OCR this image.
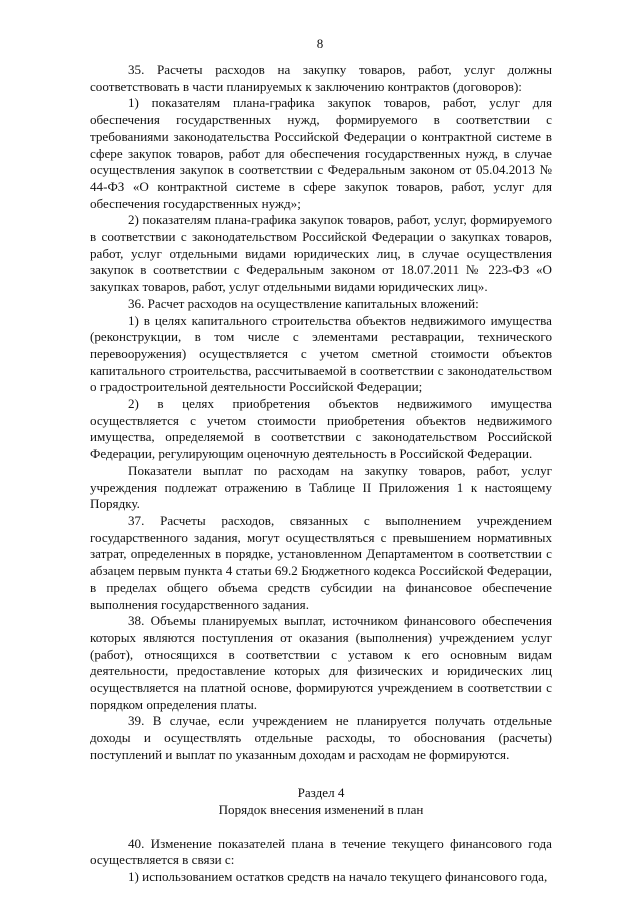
8

35. Расчеты расходов на закупку товаров, работ, услуг должны соответствовать в части планируемых к заключению контрактов (договоров):

1) показателям плана-графика закупок товаров, работ, услуг для обеспечения государственных нужд, формируемого в соответствии с требованиями законодательства Российской Федерации о контрактной системе в сфере закупок товаров, работ для обеспечения государственных нужд, в случае осуществления закупок в соответствии с Федеральным законом от 05.04.2013 № 44-ФЗ «О контрактной системе в сфере закупок товаров, работ, услуг для обеспечения государственных нужд»;

2) показателям плана-графика закупок товаров, работ, услуг, формируемого в соответствии с законодательством Российской Федерации о закупках товаров, работ, услуг отдельными видами юридических лиц, в случае осуществления закупок в соответствии с Федеральным законом от 18.07.2011 № 223-ФЗ «О закупках товаров, работ, услуг отдельными видами юридических лиц».

36. Расчет расходов на осуществление капитальных вложений:

1) в целях капитального строительства объектов недвижимого имущества (реконструкции, в том числе с элементами реставрации, технического перевооружения) осуществляется с учетом сметной стоимости объектов капитального строительства, рассчитываемой в соответствии с законодательством о градостроительной деятельности Российской Федерации;

2) в целях приобретения объектов недвижимого имущества осуществляется с учетом стоимости приобретения объектов недвижимого имущества, определяемой в соответствии с законодательством Российской Федерации, регулирующим оценочную деятельность в Российской Федерации.

Показатели выплат по расходам на закупку товаров, работ, услуг учреждения подлежат отражению в Таблице II Приложения 1 к настоящему Порядку.

37. Расчеты расходов, связанных с выполнением учреждением государственного задания, могут осуществляться с превышением нормативных затрат, определенных в порядке, установленном Департаментом в соответствии с абзацем первым пункта 4 статьи 69.2 Бюджетного кодекса Российской Федерации, в пределах общего объема средств субсидии на финансовое обеспечение выполнения государственного задания.

38. Объемы планируемых выплат, источником финансового обеспечения которых являются поступления от оказания (выполнения) учреждением услуг (работ), относящихся в соответствии с уставом к его основным видам деятельности, предоставление которых для физических и юридических лиц осуществляется на платной основе, формируются учреждением в соответствии с порядком определения платы.

39. В случае, если учреждением не планируется получать отдельные доходы и осуществлять отдельные расходы, то обоснования (расчеты) поступлений и выплат по указанным доходам и расходам не формируются.

Раздел 4
Порядок внесения изменений в план

40. Изменение показателей плана в течение текущего финансового года осуществляется в связи с:

1) использованием остатков средств на начало текущего финансового года,
